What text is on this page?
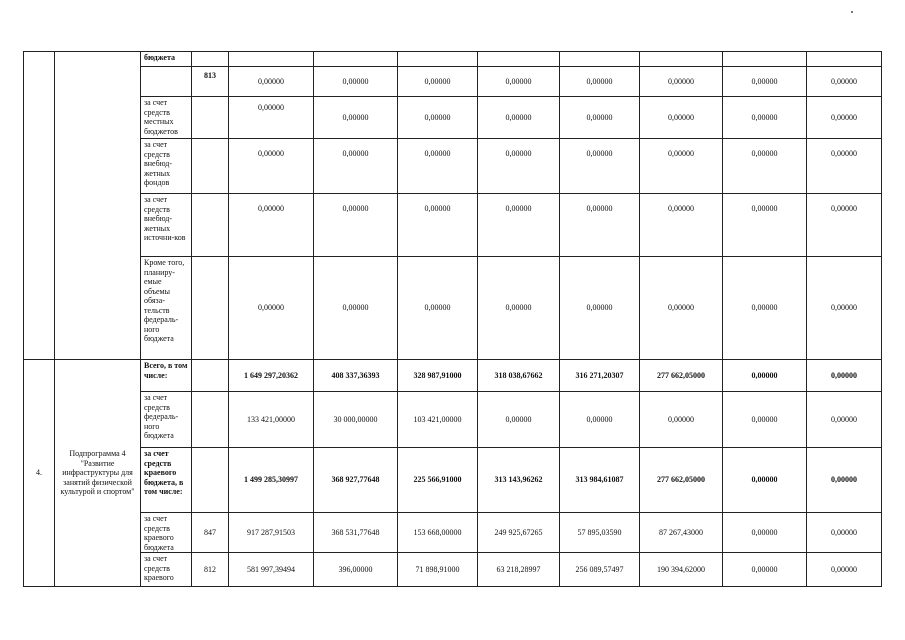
		бюджета									
			813	0,00000	0,00000	0,00000	0,00000	0,00000	0,00000	0,00000	0,00000
		за счет средств местных бюджетов		0,00000	0,00000	0,00000	0,00000	0,00000	0,00000	0,00000	0,00000
		за счет средств внебюд-жетных фондов		0,00000	0,00000	0,00000	0,00000	0,00000	0,00000	0,00000	0,00000
		за счет средств внебюд-жетных источни-ков		0,00000	0,00000	0,00000	0,00000	0,00000	0,00000	0,00000	0,00000
		Кроме того, планиру-емые объемы обяза-тельств федераль-ного бюджета		0,00000	0,00000	0,00000	0,00000	0,00000	0,00000	0,00000	0,00000
4.	Подпрограмма 4 "Развитие инфраструктуры для занятий физической культурой и спортом"	Всего, в том числе:		1 649 297,20362	408 337,36393	328 987,91000	318 038,67662	316 271,20307	277 662,05000	0,00000	0,00000
		за счет средств федераль-ного бюджета		133 421,00000	30 000,00000	103 421,00000	0,00000	0,00000	0,00000	0,00000	0,00000
		за счет средств краевого бюджета, в том числе:		1 499 285,30997	368 927,77648	225 566,91000	313 143,96262	313 984,61087	277 662,05000	0,00000	0,00000
		за счет средств краевого бюджета	847	917 287,91503	368 531,77648	153 668,00000	249 925,67265	57 895,03590	87 267,43000	0,00000	0,00000
		за счет средств краевого	812	581 997,39494	396,00000	71 898,91000	63 218,28997	256 089,57497	190 394,62000	0,00000	0,00000
